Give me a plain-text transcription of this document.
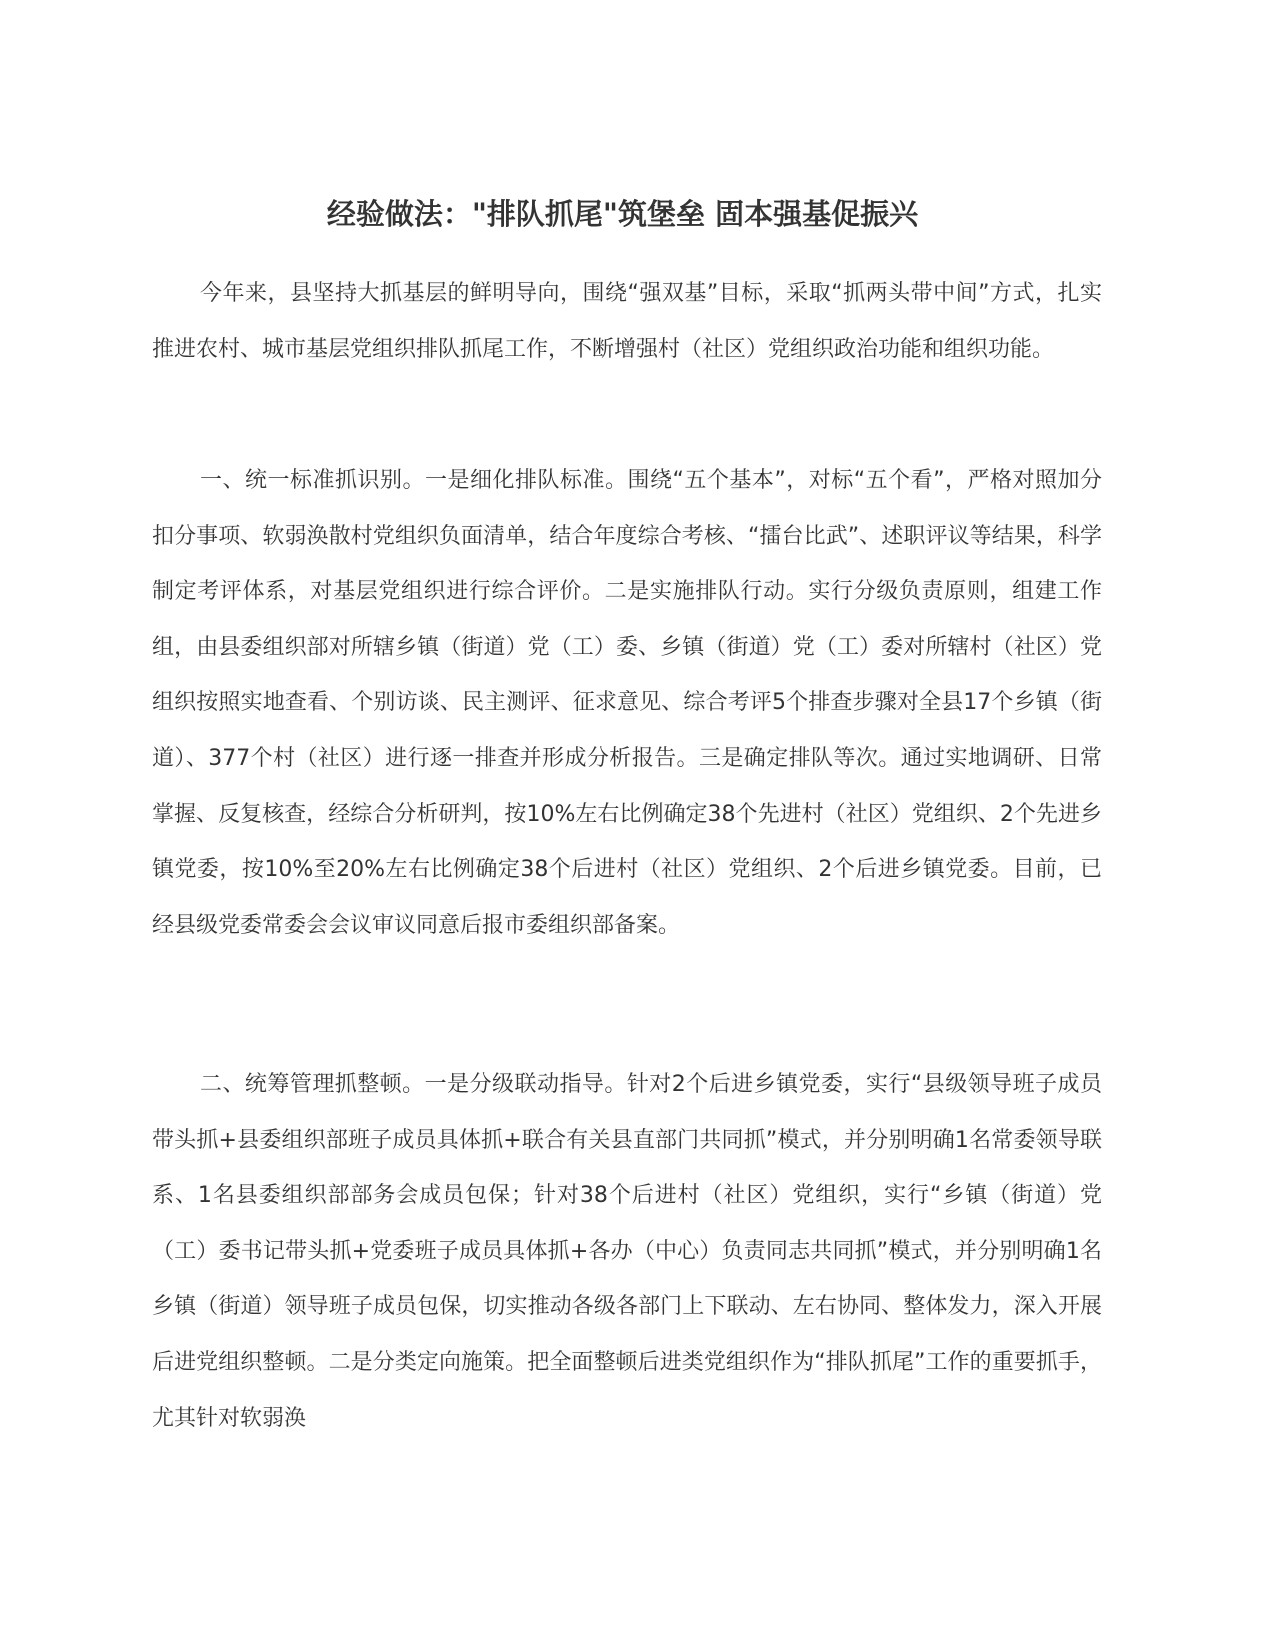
经验做法："排队抓尾"筑堡垒 固本强基促振兴

今年来，县坚持大抓基层的鲜明导向，围绕“强双基”目标，采取“抓两头带中间”方式，扎实推进农村、城市基层党组织排队抓尾工作，不断增强村（社区）党组织政治功能和组织功能。

一、统一标准抓识别。一是细化排队标准。围绕“五个基本”，对标“五个看”，严格对照加分扣分事项、软弱涣散村党组织负面清单，结合年度综合考核、“擂台比武”、述职评议等结果，科学制定考评体系，对基层党组织进行综合评价。二是实施排队行动。实行分级负责原则，组建工作组，由县委组织部对所辖乡镇（街道）党（工）委、乡镇（街道）党（工）委对所辖村（社区）党组织按照实地查看、个别访谈、民主测评、征求意见、综合考评5个排查步骤对全县17个乡镇（街道）、377个村（社区）进行逐一排查并形成分析报告。三是确定排队等次。通过实地调研、日常掌握、反复核查，经综合分析研判，按10%左右比例确定38个先进村（社区）党组织、2个先进乡镇党委，按10%至20%左右比例确定38个后进村（社区）党组织、2个后进乡镇党委。目前，已经县级党委常委会会议审议同意后报市委组织部备案。

二、统筹管理抓整顿。一是分级联动指导。针对2个后进乡镇党委，实行“县级领导班子成员带头抓+县委组织部班子成员具体抓+联合有关县直部门共同抓”模式，并分别明确1名常委领导联系、1名县委组织部部务会成员包保；针对38个后进村（社区）党组织，实行“乡镇（街道）党（工）委书记带头抓+党委班子成员具体抓+各办（中心）负责同志共同抓”模式，并分别明确1名乡镇（街道）领导班子成员包保，切实推动各级各部门上下联动、左右协同、整体发力，深入开展后进党组织整顿。二是分类定向施策。把全面整顿后进类党组织作为“排队抓尾”工作的重要抓手，尤其针对软弱涣
